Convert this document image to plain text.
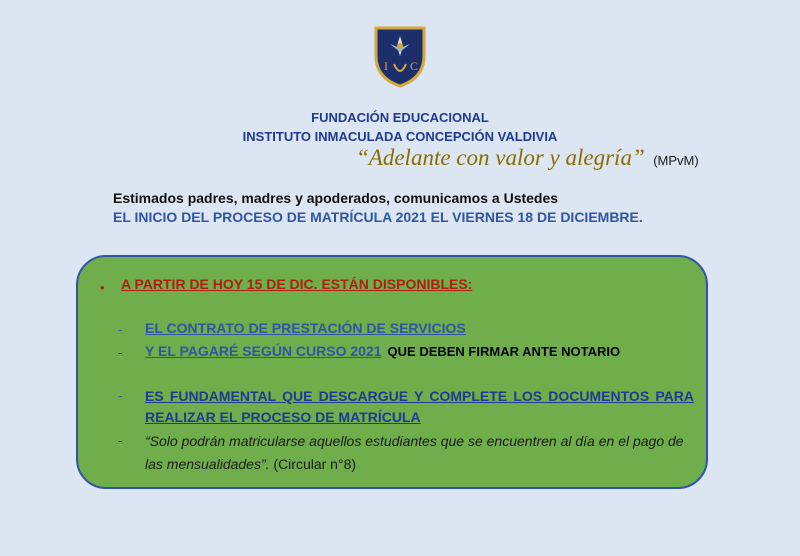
I C
FUNDACIÓN EDUCACIONAL
INSTITUTO INMACULADA CONCEPCIÓN VALDIVIA
“Adelante con valor y alegría” (MPvM)
Estimados padres, madres y apoderados, comunicamos a Ustedes
EL INICIO DEL PROCESO DE MATRÍCULA 2021 EL VIERNES 18 DE DICIEMBRE.
• A PARTIR DE HOY 15 DE DIC. ESTÁN DISPONIBLES:
- EL CONTRATO DE PRESTACIÓN DE SERVICIOS
- Y EL PAGARÉ SEGÚN CURSO 2021 QUE DEBEN FIRMAR ANTE NOTARIO
- ES FUNDAMENTAL QUE DESCARGUE Y COMPLETE LOS DOCUMENTOS PARA REALIZAR EL PROCESO DE MATRÍCULA
- “Solo podrán matricularse aquellos estudiantes que se encuentren al día en el pago de las mensualidades”. (Circular n°8)
